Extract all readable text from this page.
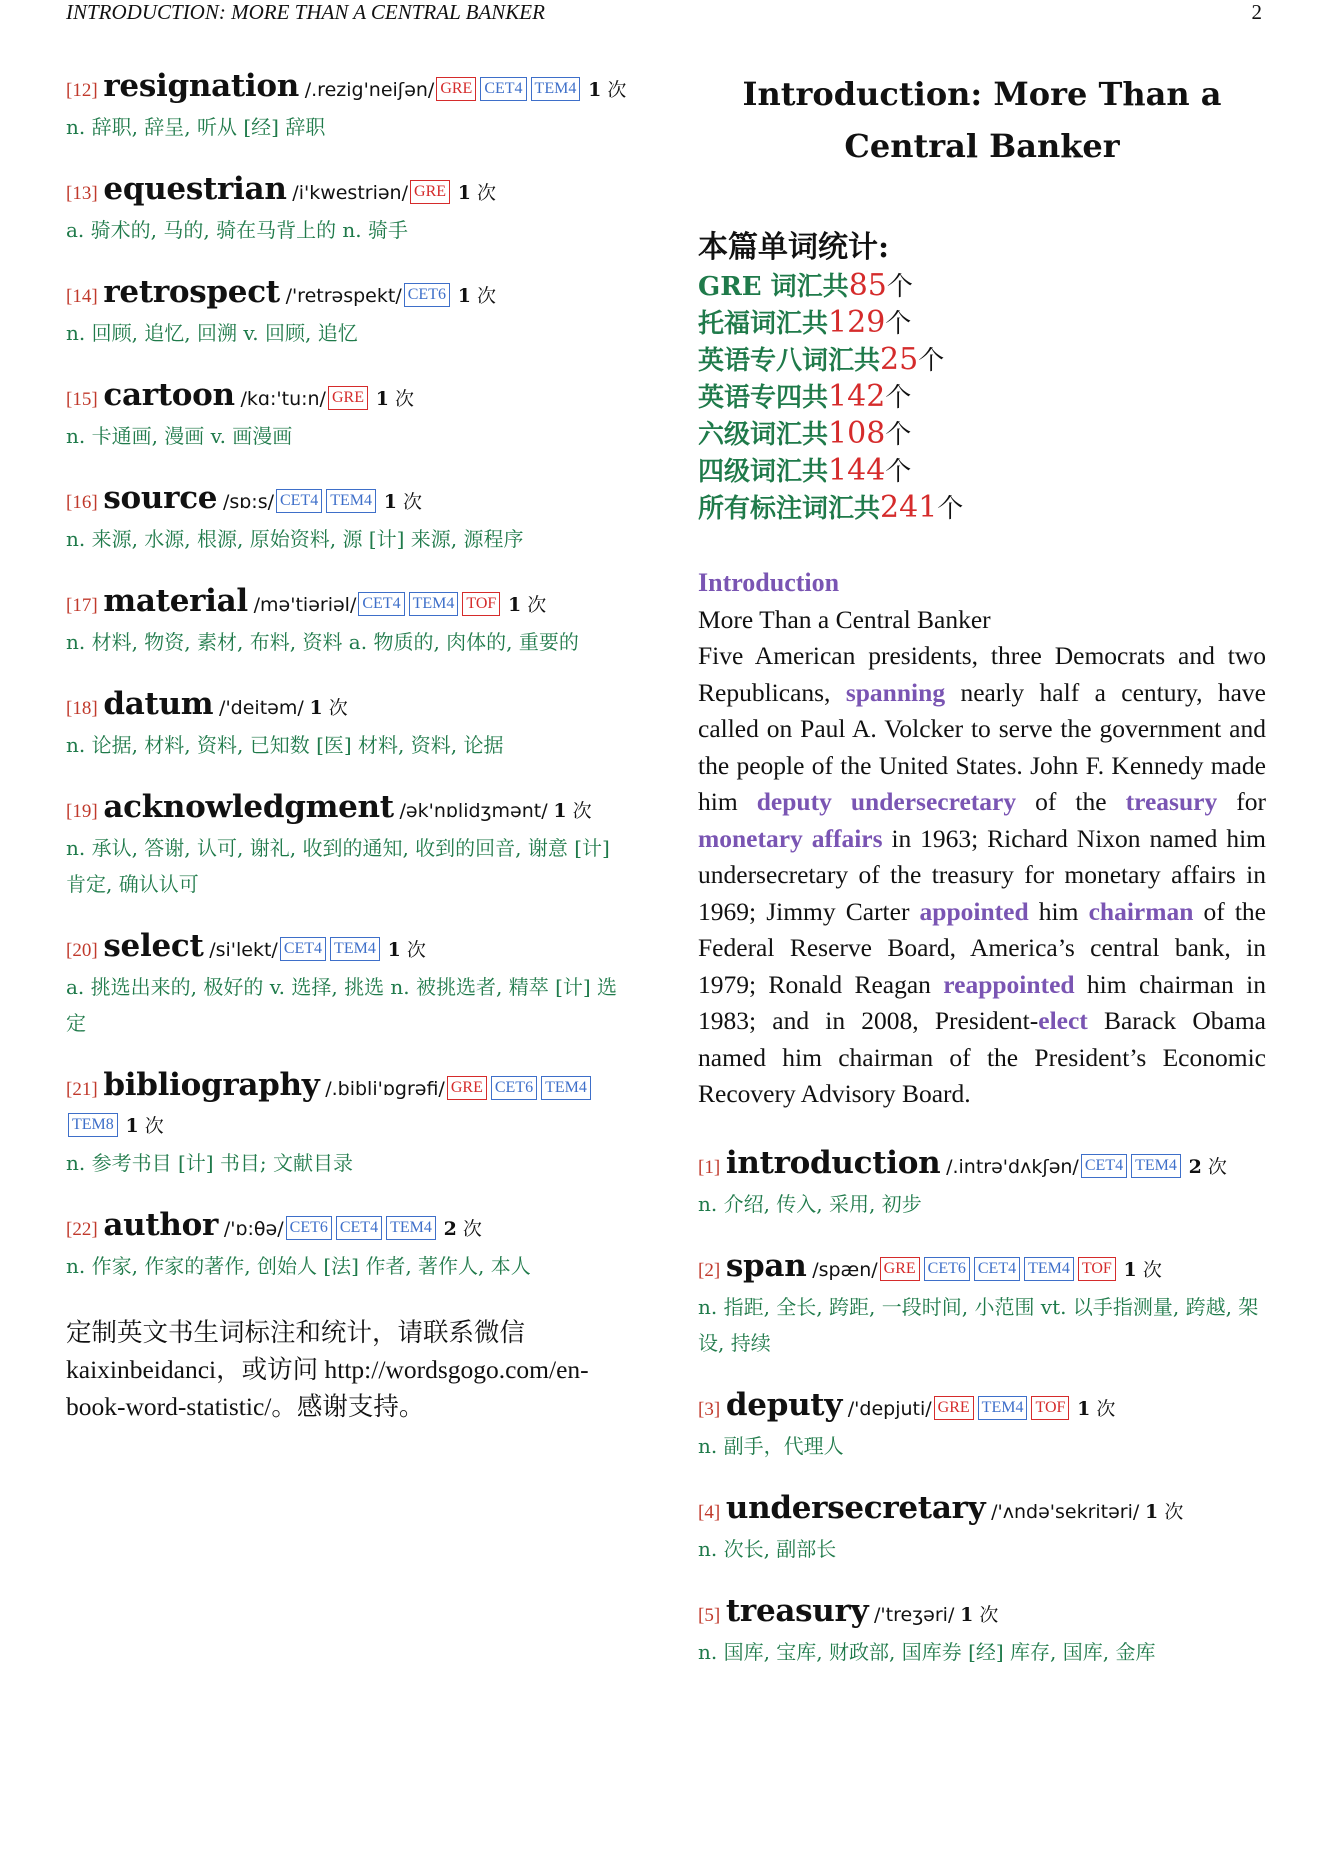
INTRODUCTION: MORE THAN A CENTRAL BANKER	2
[12] resignation /.rezig'neiʃən/ GRE CET4 TEM4 1 次
n. 辞职, 辞呈, 听从 [经] 辞职
[13] equestrian /i'kwestriən/ GRE 1 次
a. 骑术的, 马的, 骑在马背上的 n. 骑手
[14] retrospect /'retrəspekt/ CET6 1 次
n. 回顾, 追忆, 回溯 v. 回顾, 追忆
[15] cartoon /kɑ:'tu:n/ GRE 1 次
n. 卡通画, 漫画 v. 画漫画
[16] source /sɒ:s/ CET4 TEM4 1 次
n. 来源, 水源, 根源, 原始资料, 源 [计] 来源, 源程序
[17] material /mə'tiəriəl/ CET4 TEM4 TOF 1 次
n. 材料, 物资, 素材, 布料, 资料 a. 物质的, 肉体的, 重要的
[18] datum /'deitəm/ 1 次
n. 论据, 材料, 资料, 已知数 [医] 材料, 资料, 论据
[19] acknowledgment /ək'nɒlidʒmənt/ 1 次
n. 承认, 答谢, 认可, 谢礼, 收到的通知, 收到的回音, 谢意 [计] 肯定, 确认认可
[20] select /si'lekt/ CET4 TEM4 1 次
a. 挑选出来的, 极好的 v. 选择, 挑选 n. 被挑选者, 精萃 [计] 选定
[21] bibliography /.bibli'ɒgrəfi/ GRE CET6 TEM4TEM8 1 次
n. 参考书目 [计] 书目; 文献目录
[22] author /'ɒ:θə/ CET6 CET4 TEM4 2 次
n. 作家, 作家的著作, 创始人 [法] 作者, 著作人, 本人
定制英文书生词标注和统计，请联系微信 kaixinbeidanci，或访问 http://wordsgogo.com/en-book-word-statistic/。感谢支持。
Introduction: More Than a Central Banker
本篇单词统计:
GRE 词汇共85个
托福词汇共129个
英语专八词汇共25个
英语专四共142个
六级词汇共108个
四级词汇共144个
所有标注词汇共241个
Introduction
More Than a Central Banker
Five American presidents, three Democrats and two Republicans, spanning nearly half a century, have called on Paul A. Volcker to serve the government and the people of the United States. John F. Kennedy made him deputy undersecretary of the treasury for monetary affairs in 1963; Richard Nixon named him undersecretary of the treasury for monetary affairs in 1969; Jimmy Carter appointed him chairman of the Federal Reserve Board, America’s central bank, in 1979; Ronald Reagan reappointed him chairman in 1983; and in 2008, President-elect Barack Obama named him chairman of the President’s Economic Recovery Advisory Board.
[1] introduction /.intrə'dʌkʃən/ CET4 TEM4 2 次
n. 介绍, 传入, 采用, 初步
[2] span /spæn/ GRE CET6 CET4 TEM4 TOF 1 次
n. 指距, 全长, 跨距, 一段时间, 小范围 vt. 以手指测量, 跨越, 架设, 持续
[3] deputy /'depjuti/ GRE TEM4 TOF 1 次
n. 副手，代理人
[4] undersecretary /'ʌndə'sekritəri/ 1 次
n. 次长, 副部长
[5] treasury /'treʒəri/ 1 次
n. 国库, 宝库, 财政部, 国库券 [经] 库存, 国库, 金库
